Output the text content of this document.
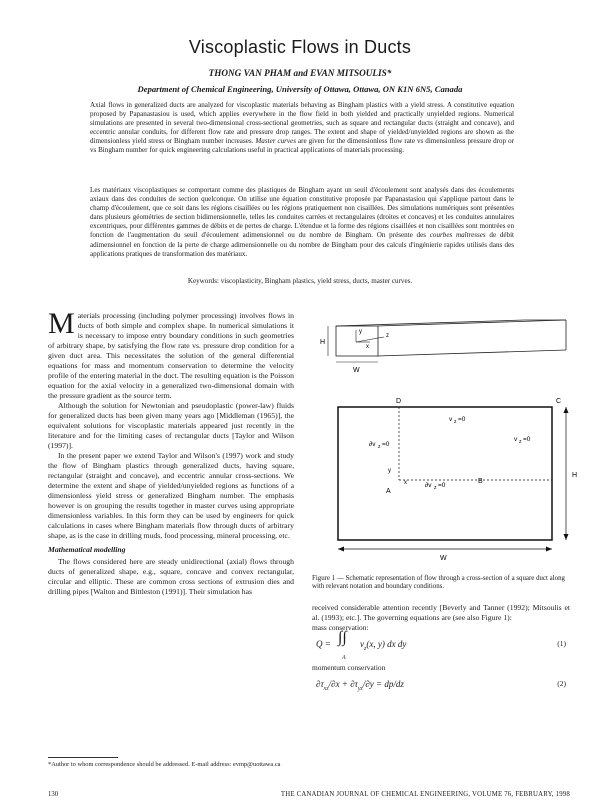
Viscoplastic Flows in Ducts
THONG VAN PHAM and EVAN MITSOULIS*
Department of Chemical Engineering, University of Ottawa, Ottawa, ON K1N 6N5, Canada
Axial flows in generalized ducts are analyzed for viscoplastic materials behaving as Bingham plastics with a yield stress. A constitutive equation proposed by Papanastasiou is used, which applies everywhere in the flow field in both yielded and practically unyielded regions. Numerical simulations are presented in several two-dimensional cross-sectional geometries, such as square and rectangular ducts (straight and concave), and eccentric annular conduits, for different flow rate and pressure drop ranges. The extent and shape of yielded/unyielded regions are shown as the dimensionless yield stress or Bingham number increases. Master curves are given for the dimensionless flow rate vs dimensionless pressure drop or vs Bingham number for quick engineering calculations useful in practical applications of materials processing.
Les matériaux viscoplastiques se comportant comme des plastiques de Bingham ayant un seuil d'écoulement sont analysés dans des écoulements axiaux dans des conduites de section quelconque. On utilise une équation constitutive proposée par Papanastasiou qui s'applique partout dans le champ d'écoulement, que ce soit dans les régions cisaillées ou les régions pratiquement non cisaillées. Des simulations numériques sont présentées dans plusieurs géométries de section bidimensionnelle, telles les conduites carrées et rectangulaires (droites et concaves) et les conduites annulaires excentriques, pour différentes gammes de débits et de pertes de charge. L'étendue et la forme des régions cisaillées et non cisaillées sont montrées en fonction de l'augmentation du seuil d'écoulement adimensionnel ou du nombre de Bingham. On présente des courbes maîtresses de débit adimensionnel en fonction de la perte de charge adimensionnelle ou du nombre de Bingham pour des calculs d'ingénierie rapides utilisés dans des applications pratiques de transformation des matériaux.
Keywords: viscoplasticity, Bingham plastics, yield stress, ducts, master curves.

Materials processing (including polymer processing) involves flows in ducts of both simple and complex shape. In numerical simulations it is necessary to impose entry boundary conditions in such geometries of arbitrary shape, by satisfying the flow rate vs. pressure drop condition for a given duct area. This necessitates the solution of the general differential equations for mass and momentum conservation to determine the velocity profile of the entering material in the duct. The resulting equation is the Poisson equation for the axial velocity in a generalized two-dimensional domain with the pressure gradient as the source term.

Although the solution for Newtonian and pseudoplastic (power-law) fluids for generalized ducts has been given many years ago [Middleman (1965)], the equivalent solutions for viscoplastic materials appeared just recently in the literature and for the limiting cases of rectangular ducts [Taylor and Wilson (1997)].

In the present paper we extend Taylor and Wilson's (1997) work and study the flow of Bingham plastics through generalized ducts, having square, rectangular (straight and concave), and eccentric annular cross-sections. We determine the extent and shape of yielded/unyielded regions as functions of a dimensionless yield stress or generalized Bingham number. The emphasis however is on grouping the results together in master curves using appropriate dimensionless variables. In this form they can be used by engineers for quick calculations in cases where Bingham materials flow through ducts of arbitrary shape, as is the case in drilling muds, food processing, mineral processing, etc.

Mathematical modelling

The flows considered here are steady unidirectional (axial) flows through ducts of generalized shape, e.g., square, concave and convex rectangular, circular and elliptic. These are common cross sections of extrusion dies and drilling pipes [Walton and Bittleston (1991)]. Their simulation has

*Author to whom correspondence should be addressed. E-mail address: evmp@uottawa.ca
y
x
z
H
W
D	C
A
B
x
y
v z =0
v z =0
∂v z =0
∂v z =0
H
W
Figure 1 — Schematic representation of flow through a cross-section of a square duct along with relevant notation and boundary conditions.

received considerable attention recently [Beverly and Tanner (1992); Mitsoulis et al. (1993); etc.]. The governing equations are (see also Figure 1):

mass conservation:

Q = ∫∫ $v_z(x$, y) dx dy
A
(1)

momentum conservation

$\partial\tau_{xz}/\partial x + \partial\tau_{yz}/\partial y = dp/dz$	(2)
130	THE CANADIAN JOURNAL OF CHEMICAL ENGINEERING, VOLUME 76, FEBRUARY, 1998
